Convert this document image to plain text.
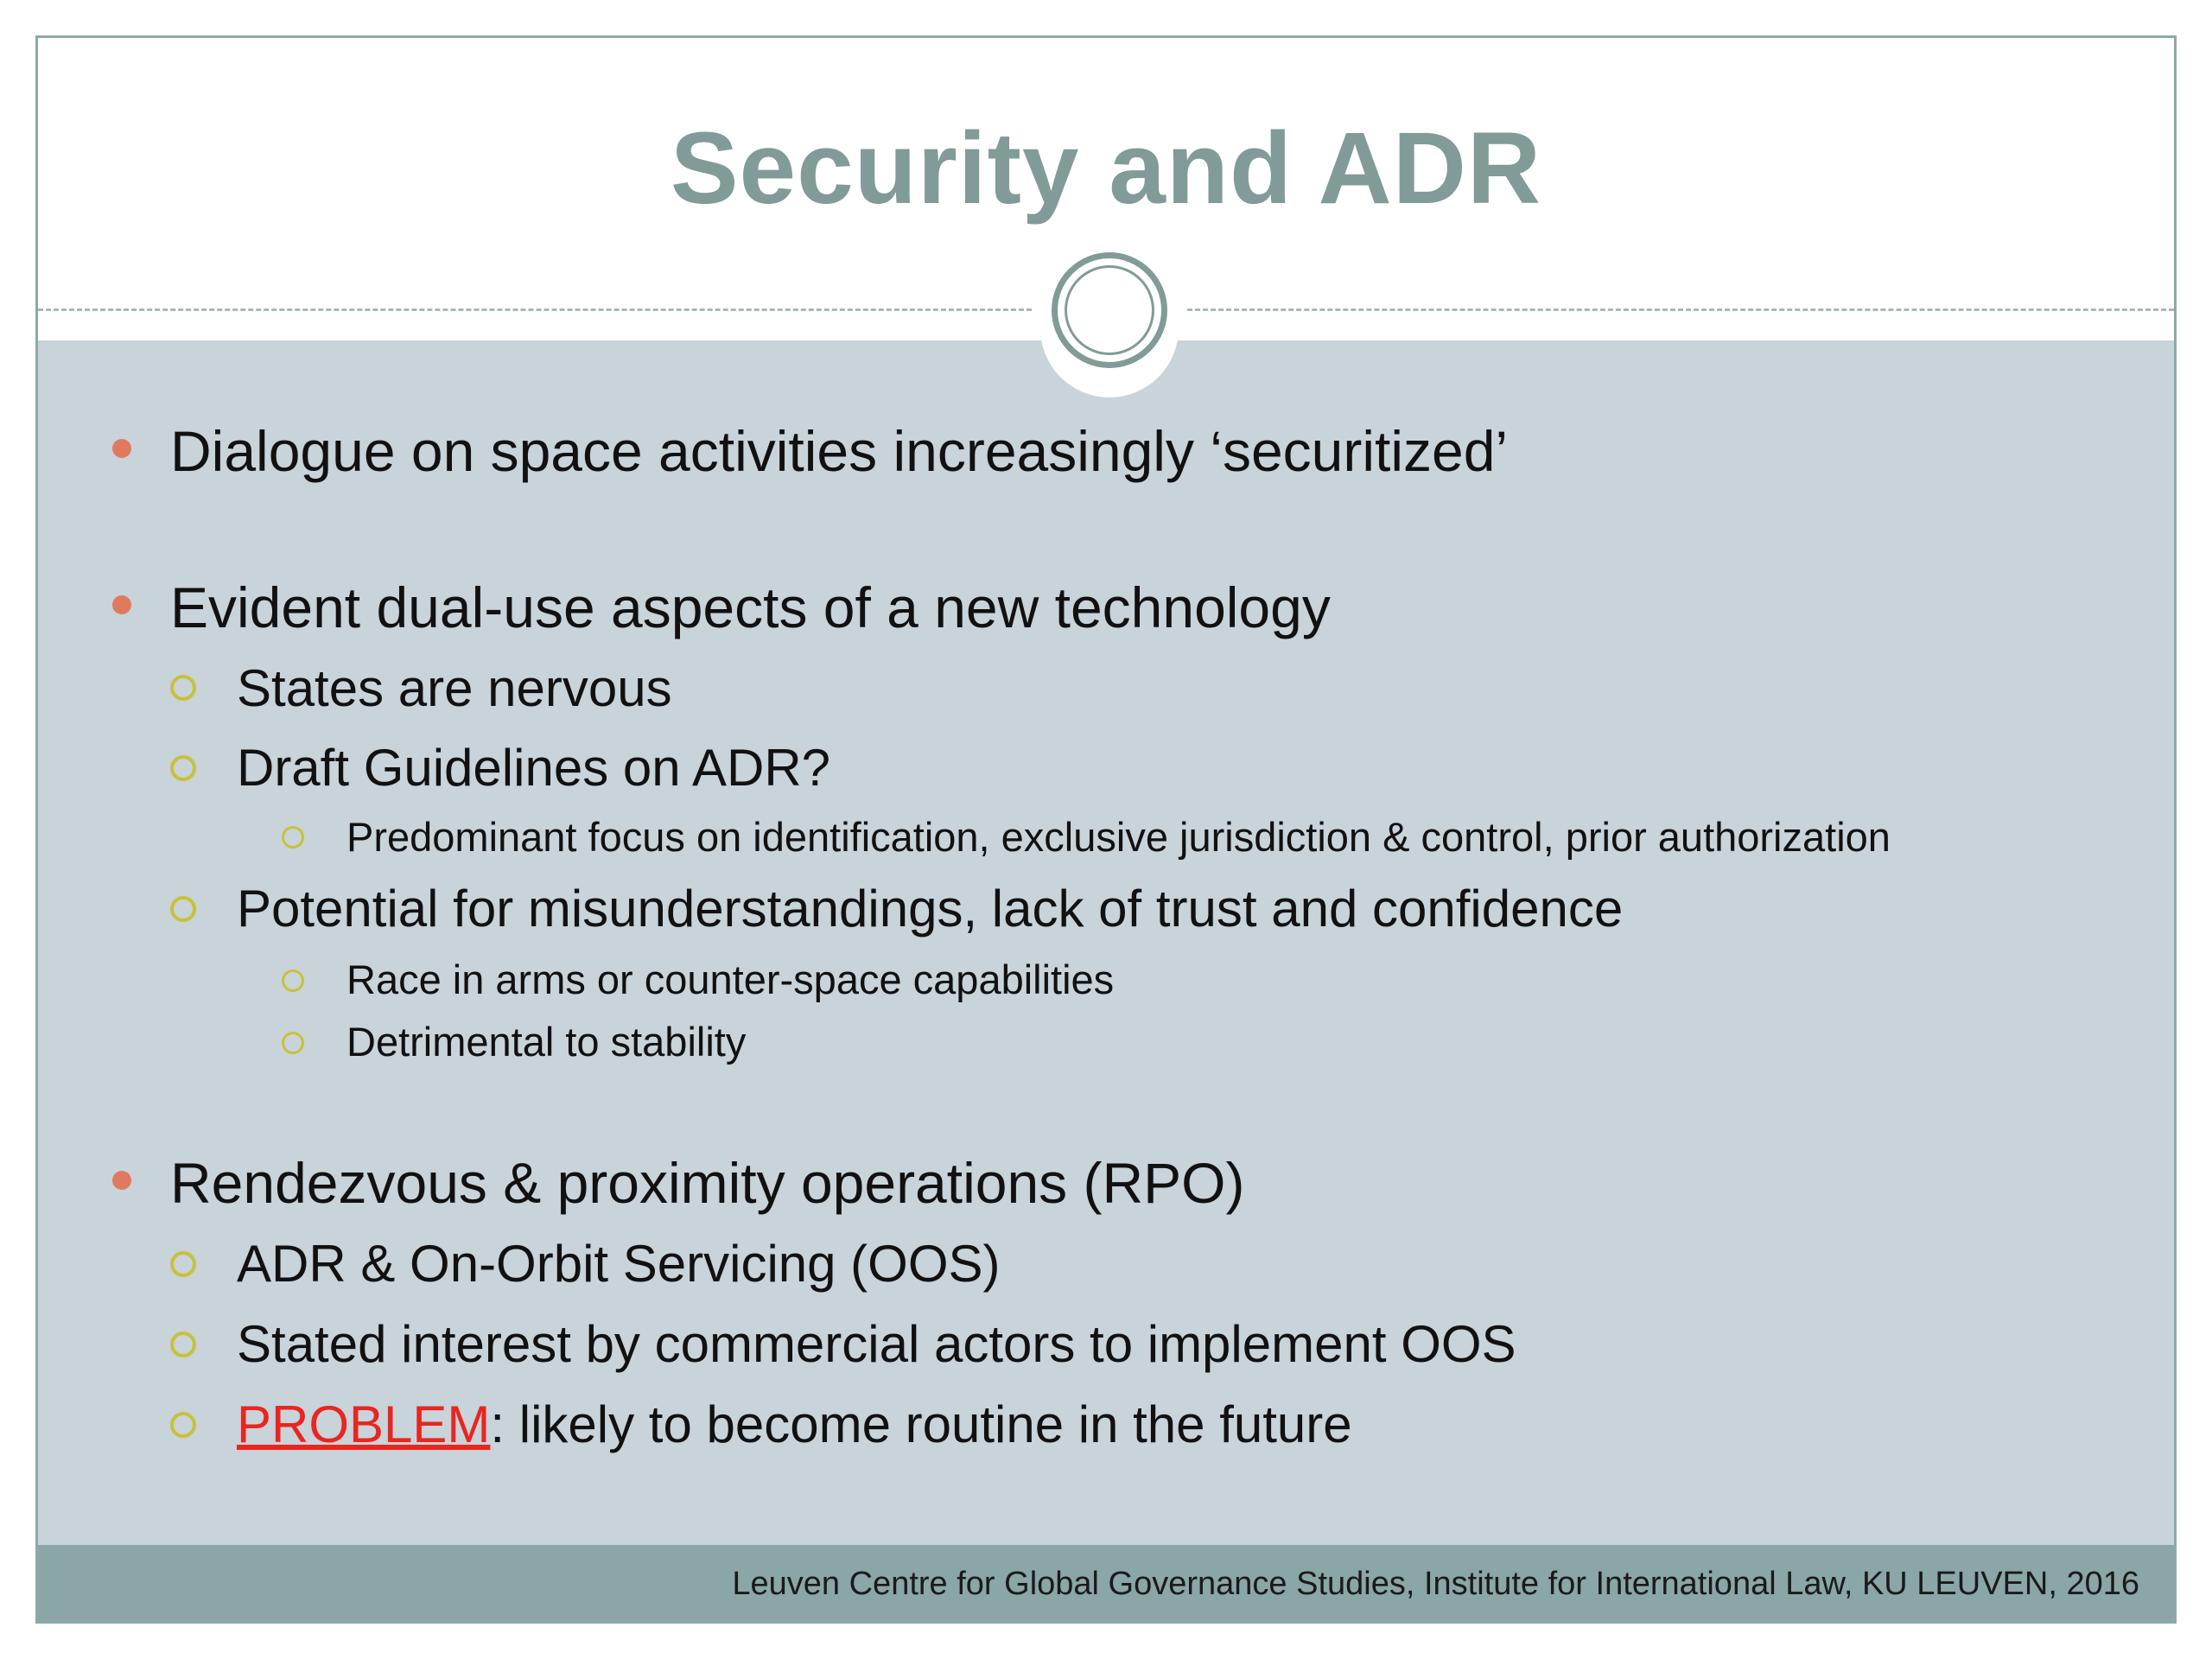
Security and ADR
Dialogue on space activities increasingly ‘securitized’
Evident dual-use aspects of a new technology
States are nervous
Draft Guidelines on ADR?
Predominant focus on identification, exclusive jurisdiction & control, prior authorization
Potential for misunderstandings, lack of trust and confidence
Race in arms or counter-space capabilities
Detrimental to stability
Rendezvous & proximity operations (RPO)
ADR & On-Orbit Servicing (OOS)
Stated interest by commercial actors to implement OOS
PROBLEM: likely to become routine in the future
Leuven Centre for Global Governance Studies, Institute for International Law, KU LEUVEN, 2016
